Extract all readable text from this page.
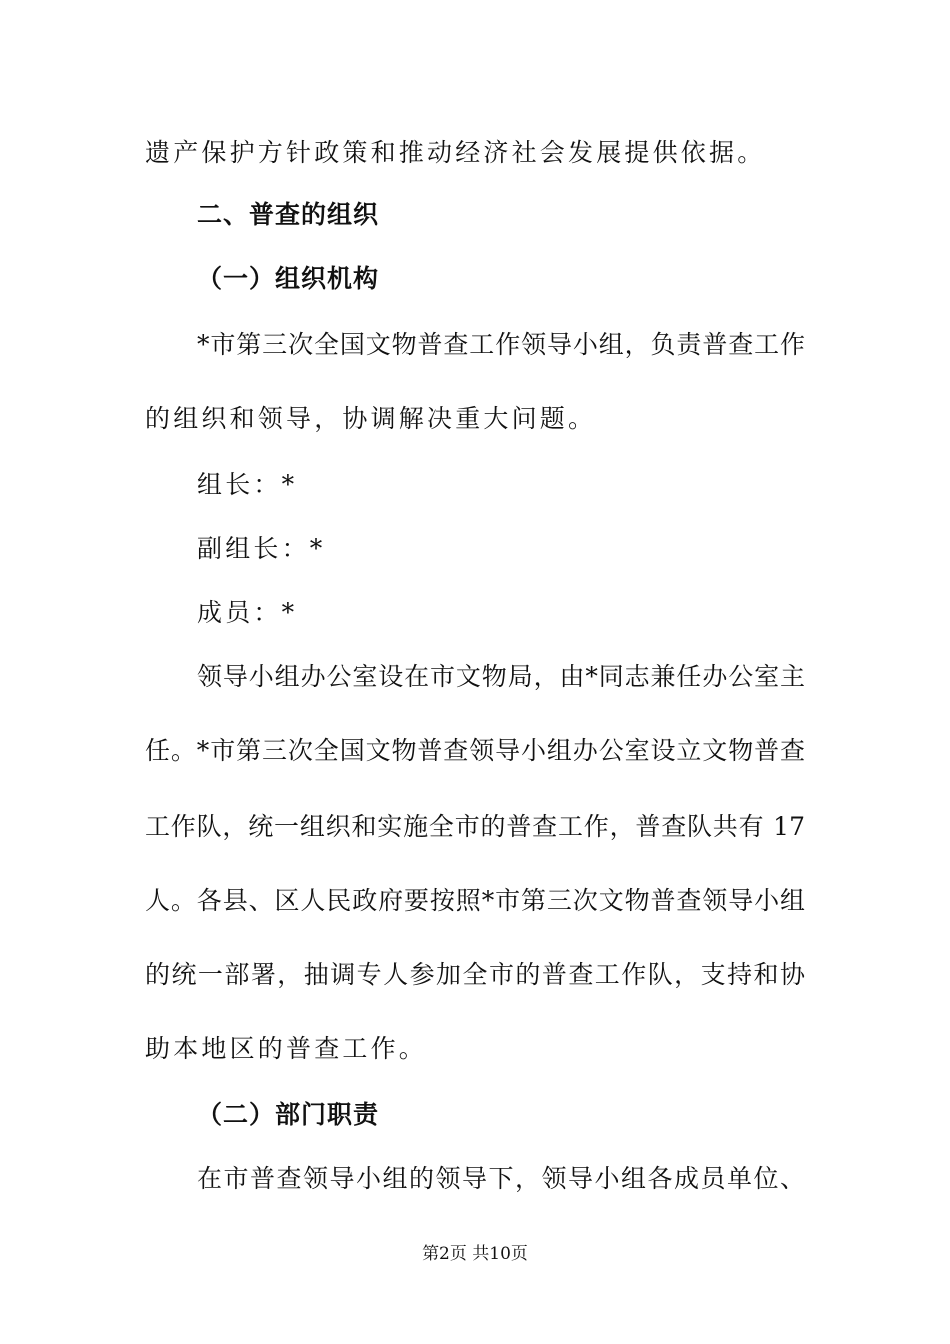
遗产保护方针政策和推动经济社会发展提供依据。
二、普查的组织
（一）组织机构
*市第三次全国文物普查工作领导小组，负责普查工作
的组织和领导，协调解决重大问题。
组长：*
副组长：*
成员：*
领导小组办公室设在市文物局，由*同志兼任办公室主
任。*市第三次全国文物普查领导小组办公室设立文物普查
工作队，统一组织和实施全市的普查工作，普查队共有 17
人。各县、区人民政府要按照*市第三次文物普查领导小组
的统一部署，抽调专人参加全市的普查工作队，支持和协
助本地区的普查工作。
（二）部门职责
在市普查领导小组的领导下，领导小组各成员单位、
第2页 共10页
